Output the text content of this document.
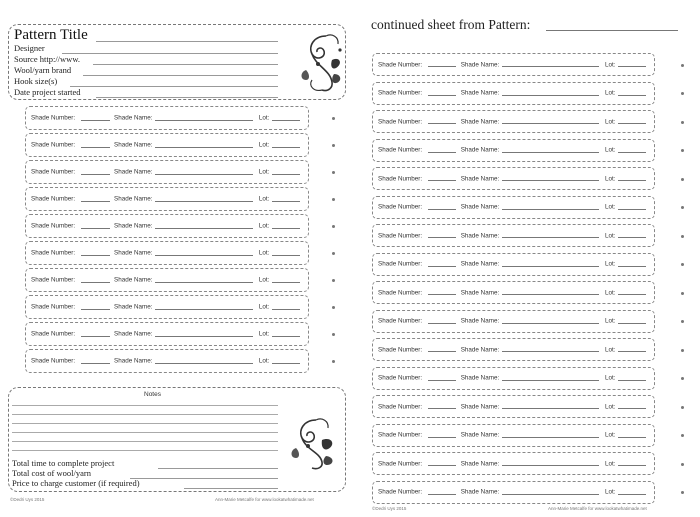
Pattern Title
Designer
Source http://www.
Wool/yarn brand
Hook size(s)
Date project started
Shade Number:	Shade Name:	Lot:
Shade Number:	Shade Name:	Lot:
Shade Number:	Shade Name:	Lot:
Shade Number:	Shade Name:	Lot:
Shade Number:	Shade Name:	Lot:
Shade Number:	Shade Name:	Lot:
Shade Number:	Shade Name:	Lot:
Shade Number:	Shade Name:	Lot:
Shade Number:	Shade Name:	Lot:
Shade Number:	Shade Name:	Lot:
Notes
Total time to complete project
Total cost of wool/yarn
Price to charge customer (if required)
©Dedri Uys 2015	Ann-Marie Metcalfe for www.lookatwhatimade.net
continued sheet from Pattern:
Shade Number:	Shade Name:	Lot:
Shade Number:	Shade Name:	Lot:
Shade Number:	Shade Name:	Lot:
Shade Number:	Shade Name:	Lot:
Shade Number:	Shade Name:	Lot:
Shade Number:	Shade Name:	Lot:
Shade Number:	Shade Name:	Lot:
Shade Number:	Shade Name:	Lot:
Shade Number:	Shade Name:	Lot:
Shade Number:	Shade Name:	Lot:
Shade Number:	Shade Name:	Lot:
Shade Number:	Shade Name:	Lot:
Shade Number:	Shade Name:	Lot:
Shade Number:	Shade Name:	Lot:
Shade Number:	Shade Name:	Lot:
Shade Number:	Shade Name:	Lot:
©Dedri Uys 2015	Ann-Marie Metcalfe for www.lookatwhatimade.net
